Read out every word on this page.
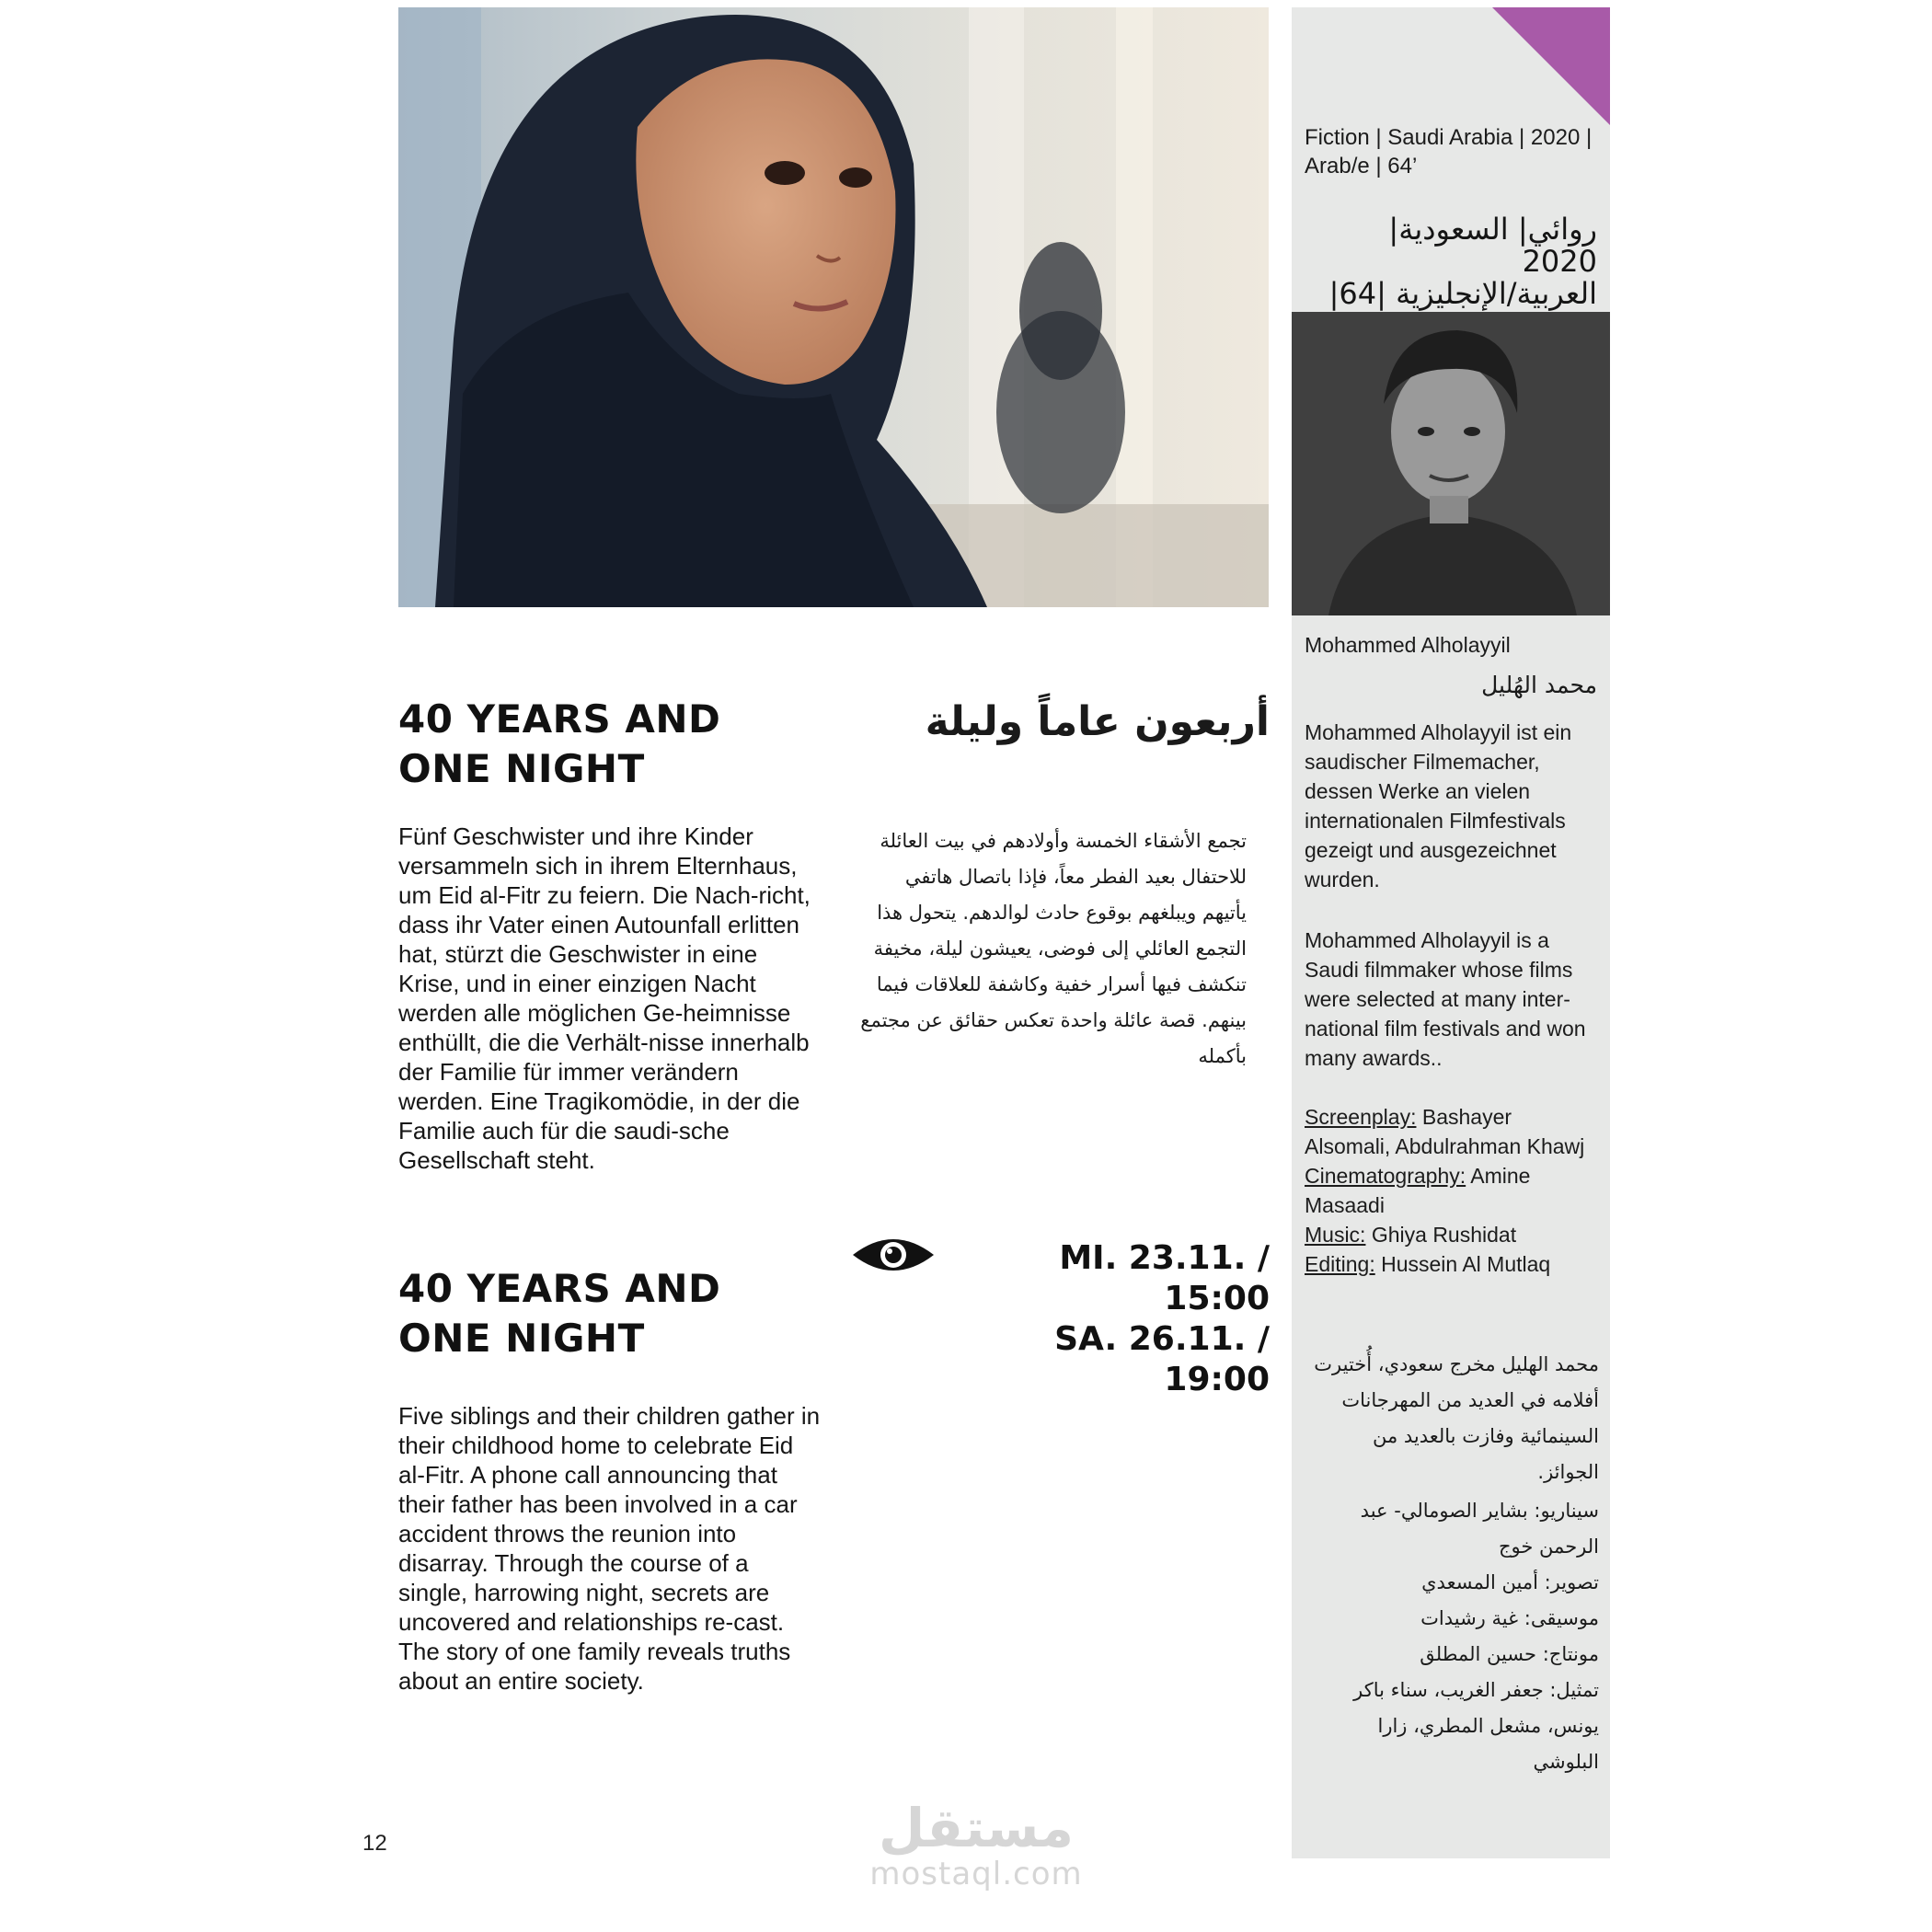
Fiction | Saudi Arabia | 2020 |
Arab/e | 64’
روائي| السعودية| 2020
العربية/الإنجليزية |64|
Mohammed Alholayyil
محمد الهُليل
Mohammed Alholayyil ist ein saudischer Filmemacher, dessen Werke an vielen internationalen Filmfestivals gezeigt und ausgezeichnet wurden.
Mohammed Alholayyil is a Saudi filmmaker whose films were selected at many inter-national film festivals and won many awards..
Screenplay: Bashayer Alsomali, Abdulrahman Khawj
Cinematography: Amine Masaadi
Music: Ghiya Rushidat
Editing: Hussein Al Mutlaq
محمد الهليل مخرج سعودي، أُختيرت أفلامه في العديد من المهرجانات السينمائية وفازت بالعديد من الجوائز.
سيناريو: بشاير الصومالي- عبد الرحمن خوج
تصوير: أمين المسعدي
موسيقى: غية رشيدات
مونتاج: حسين المطلق
تمثيل: جعفر الغريب، سناء باكر يونس، مشعل المطري، زارا البلوشي
40 YEARS AND
ONE NIGHT
أربعون عاماً وليلة
Fünf Geschwister und ihre Kinder versammeln sich in ihrem Elternhaus, um Eid al-Fitr zu feiern. Die Nach-richt, dass ihr Vater einen Autounfall erlitten hat, stürzt die Geschwister in eine Krise, und in einer einzigen Nacht werden alle möglichen Ge-heimnisse enthüllt, die die Verhält-nisse innerhalb der Familie für immer verändern werden. Eine Tragikomödie, in der die Familie auch für die saudi-sche Gesellschaft steht.
تجمع الأشقاء الخمسة وأولادهم في بيت العائلة للاحتفال بعيد الفطر معاً، فإذا باتصال هاتفي يأتيهم ويبلغهم بوقوع حادث لوالدهم. يتحول هذا التجمع العائلي إلى فوضى، يعيشون ليلة، مخيفة تنكشف فيها أسرار خفية وكاشفة للعلاقات فيما بينهم. قصة عائلة واحدة تعكس حقائق عن مجتمع بأكمله
MI. 23.11. / 15:00
SA. 26.11. / 19:00
40 YEARS AND
ONE NIGHT
Five siblings and their children gather in their childhood home to celebrate Eid al-Fitr. A phone call announcing that their father has been involved in a car accident throws the reunion into disarray. Through the course of a single, harrowing night, secrets are uncovered and relationships re-cast. The story of one family reveals truths about an entire society.
12	مستقل
mostaql.com
